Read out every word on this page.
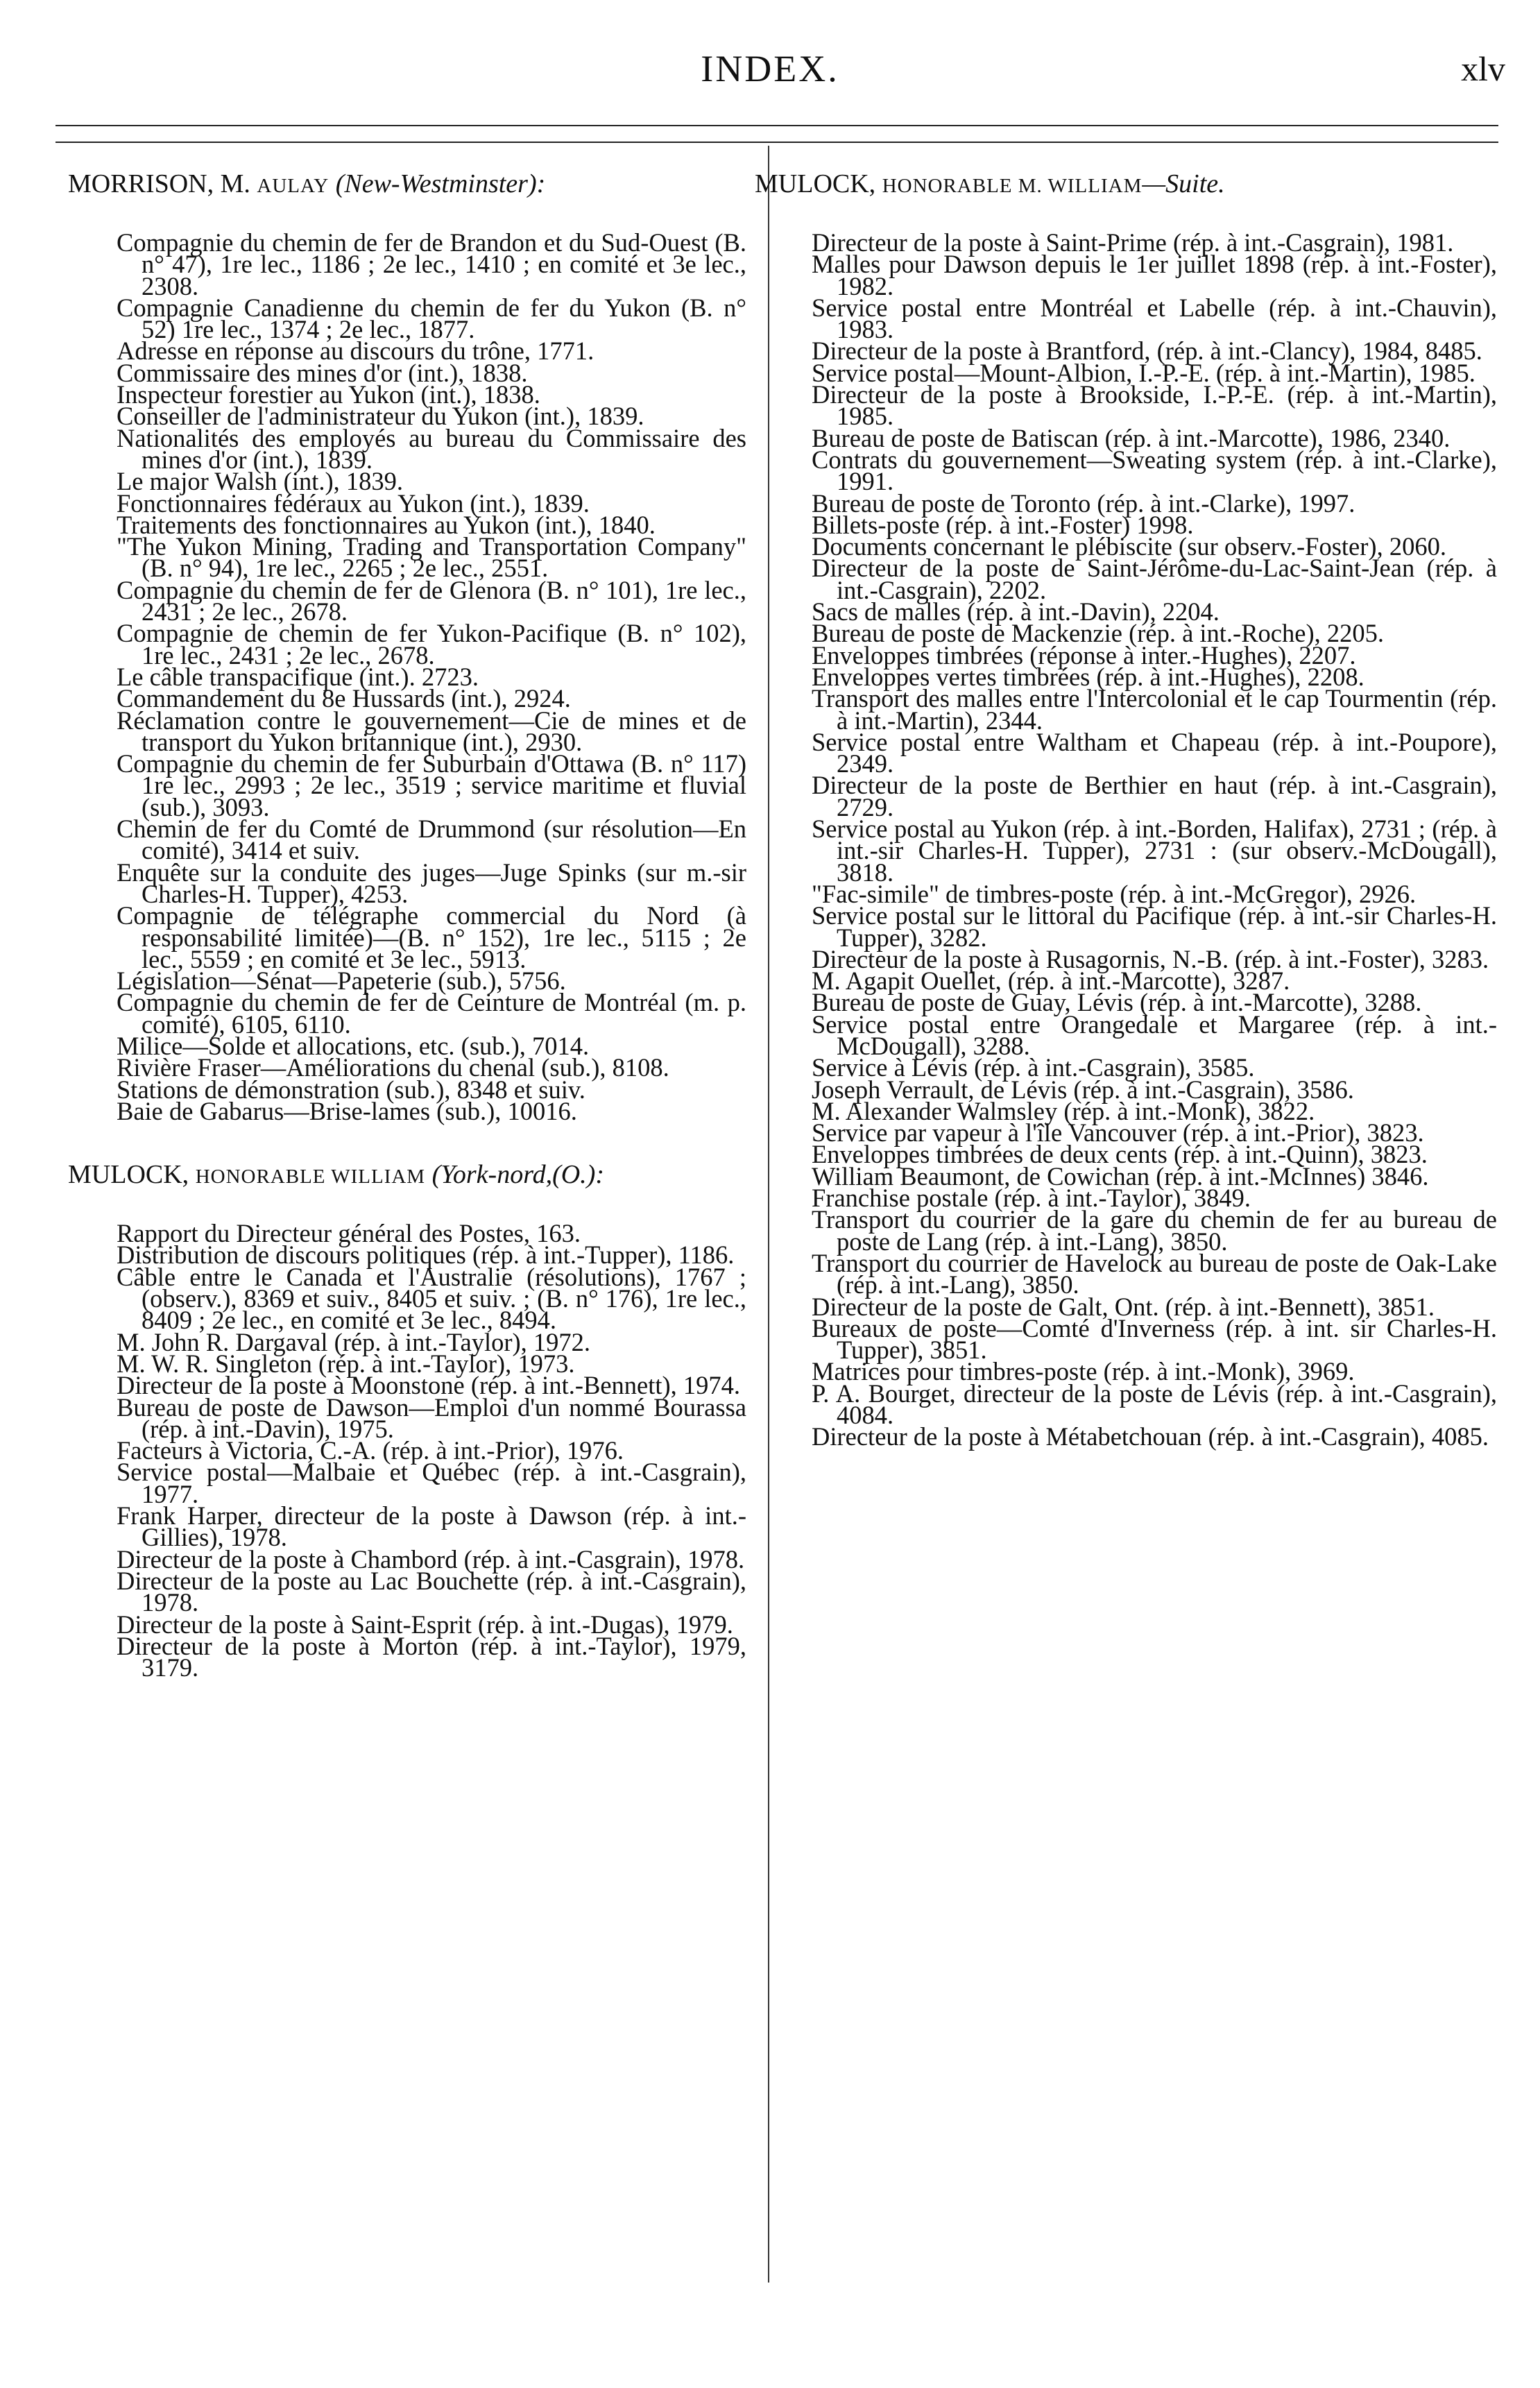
INDEX.	xlv
MORRISON, M. AULAY (New-Westminster):

Compagnie du chemin de fer de Brandon et du Sud-Ouest (B. n° 47), 1re lec., 1186 ; 2e lec., 1410 ; en comité et 3e lec., 2308.

Compagnie Canadienne du chemin de fer du Yukon (B. n° 52) 1re lec., 1374 ; 2e lec., 1877.

Adresse en réponse au discours du trône, 1771.

Commissaire des mines d'or (int.), 1838.

Inspecteur forestier au Yukon (int.), 1838.

Conseiller de l'administrateur du Yukon (int.), 1839.

Nationalités des employés au bureau du Commissaire des mines d'or (int.), 1839.

Le major Walsh (int.), 1839.

Fonctionnaires fédéraux au Yukon (int.), 1839.

Traitements des fonctionnaires au Yukon (int.), 1840.

"The Yukon Mining, Trading and Transportation Company" (B. n° 94), 1re lec., 2265 ; 2e lec., 2551.

Compagnie du chemin de fer de Glenora (B. n° 101), 1re lec., 2431 ; 2e lec., 2678.

Compagnie de chemin de fer Yukon-Pacifique (B. n° 102), 1re lec., 2431 ; 2e lec., 2678.

Le câble transpacifique (int.). 2723.

Commandement du 8e Hussards (int.), 2924.

Réclamation contre le gouvernement—Cie de mines et de transport du Yukon britannique (int.), 2930.

Compagnie du chemin de fer Suburbain d'Ottawa (B. n° 117) 1re lec., 2993 ; 2e lec., 3519 ; service maritime et fluvial (sub.), 3093.

Chemin de fer du Comté de Drummond (sur résolution—En comité), 3414 et suiv.

Enquête sur la conduite des juges—Juge Spinks (sur m.-sir Charles-H. Tupper), 4253.

Compagnie de télégraphe commercial du Nord (à responsabilité limitée)—(B. n° 152), 1re lec., 5115 ; 2e lec., 5559 ; en comité et 3e lec., 5913.

Législation—Sénat—Papeterie (sub.), 5756.

Compagnie du chemin de fer de Ceinture de Montréal (m. p. comité), 6105, 6110.

Milice—Solde et allocations, etc. (sub.), 7014.

Rivière Fraser—Améliorations du chenal (sub.), 8108.

Stations de démonstration (sub.), 8348 et suiv.

Baie de Gabarus—Brise-lames (sub.), 10016.

MULOCK, HONORABLE WILLIAM (York-nord,(O.):

Rapport du Directeur général des Postes, 163.

Distribution de discours politiques (rép. à int.-Tupper), 1186.

Câble entre le Canada et l'Australie (résolutions), 1767 ; (observ.), 8369 et suiv., 8405 et suiv. ; (B. n° 176), 1re lec., 8409 ; 2e lec., en comité et 3e lec., 8494.

M. John R. Dargaval (rép. à int.-Taylor), 1972.

M. W. R. Singleton (rép. à int.-Taylor), 1973.

Directeur de la poste à Moonstone (rép. à int.-Bennett), 1974.

Bureau de poste de Dawson—Emploi d'un nommé Bourassa (rép. à int.-Davin), 1975.

Facteurs à Victoria, C.-A. (rép. à int.-Prior), 1976.

Service postal—Malbaie et Québec (rép. à int.-Casgrain), 1977.

Frank Harper, directeur de la poste à Dawson (rép. à int.-Gillies), 1978.

Directeur de la poste à Chambord (rép. à int.-Casgrain), 1978.

Directeur de la poste au Lac Bouchette (rép. à int.-Casgrain), 1978.

Directeur de la poste à Saint-Esprit (rép. à int.-Dugas), 1979.

Directeur de la poste à Morton (rép. à int.-Taylor), 1979, 3179.

MULOCK, HONORABLE M. WILLIAM—Suite.

Directeur de la poste à Saint-Prime (rép. à int.-Casgrain), 1981.

Malles pour Dawson depuis le 1er juillet 1898 (rép. à int.-Foster), 1982.

Service postal entre Montréal et Labelle (rép. à int.-Chauvin), 1983.

Directeur de la poste à Brantford, (rép. à int.-Clancy), 1984, 8485.

Service postal—Mount-Albion, I.-P.-E. (rép. à int.-Martin), 1985.

Directeur de la poste à Brookside, I.-P.-E. (rép. à int.-Martin), 1985.

Bureau de poste de Batiscan (rép. à int.-Marcotte), 1986, 2340.

Contrats du gouvernement—Sweating system (rép. à int.-Clarke), 1991.

Bureau de poste de Toronto (rép. à int.-Clarke), 1997.

Billets-poste (rép. à int.-Foster) 1998.

Documents concernant le plébiscite (sur observ.-Foster), 2060.

Directeur de la poste de Saint-Jérôme-du-Lac-Saint-Jean (rép. à int.-Casgrain), 2202.

Sacs de malles (rép. à int.-Davin), 2204.

Bureau de poste de Mackenzie (rép. à int.-Roche), 2205.

Enveloppes timbrées (réponse à inter.-Hughes), 2207.

Enveloppes vertes timbrées (rép. à int.-Hughes), 2208.

Transport des malles entre l'Intercolonial et le cap Tourmentin (rép. à int.-Martin), 2344.

Service postal entre Waltham et Chapeau (rép. à int.-Poupore), 2349.

Directeur de la poste de Berthier en haut (rép. à int.-Casgrain), 2729.

Service postal au Yukon (rép. à int.-Borden, Halifax), 2731 ; (rép. à int.-sir Charles-H. Tupper), 2731 : (sur observ.-McDougall), 3818.

"Fac-simile" de timbres-poste (rép. à int.-McGregor), 2926.

Service postal sur le littoral du Pacifique (rép. à int.-sir Charles-H. Tupper), 3282.

Directeur de la poste à Rusagornis, N.-B. (rép. à int.-Foster), 3283.

M. Agapit Ouellet, (rép. à int.-Marcotte), 3287.

Bureau de poste de Guay, Lévis (rép. à int.-Marcotte), 3288.

Service postal entre Orangedale et Margaree (rép. à int.-McDougall), 3288.

Service à Lévis (rép. à int.-Casgrain), 3585.

Joseph Verrault, de Lévis (rép. à int.-Casgrain), 3586.

M. Alexander Walmsley (rép. à int.-Monk), 3822.

Service par vapeur à l'île Vancouver (rép. à int.-Prior), 3823.

Enveloppes timbrées de deux cents (rép. à int.-Quinn), 3823.

William Beaumont, de Cowichan (rép. à int.-McInnes) 3846.

Franchise postale (rép. à int.-Taylor), 3849.

Transport du courrier de la gare du chemin de fer au bureau de poste de Lang (rép. à int.-Lang), 3850.

Transport du courrier de Havelock au bureau de poste de Oak-Lake (rép. à int.-Lang), 3850.

Directeur de la poste de Galt, Ont. (rép. à int.-Bennett), 3851.

Bureaux de poste—Comté d'Inverness (rép. à int. sir Charles-H. Tupper), 3851.

Matrices pour timbres-poste (rép. à int.-Monk), 3969.

P. A. Bourget, directeur de la poste de Lévis (rép. à int.-Casgrain), 4084.

Directeur de la poste à Métabetchouan (rép. à int.-Casgrain), 4085.
